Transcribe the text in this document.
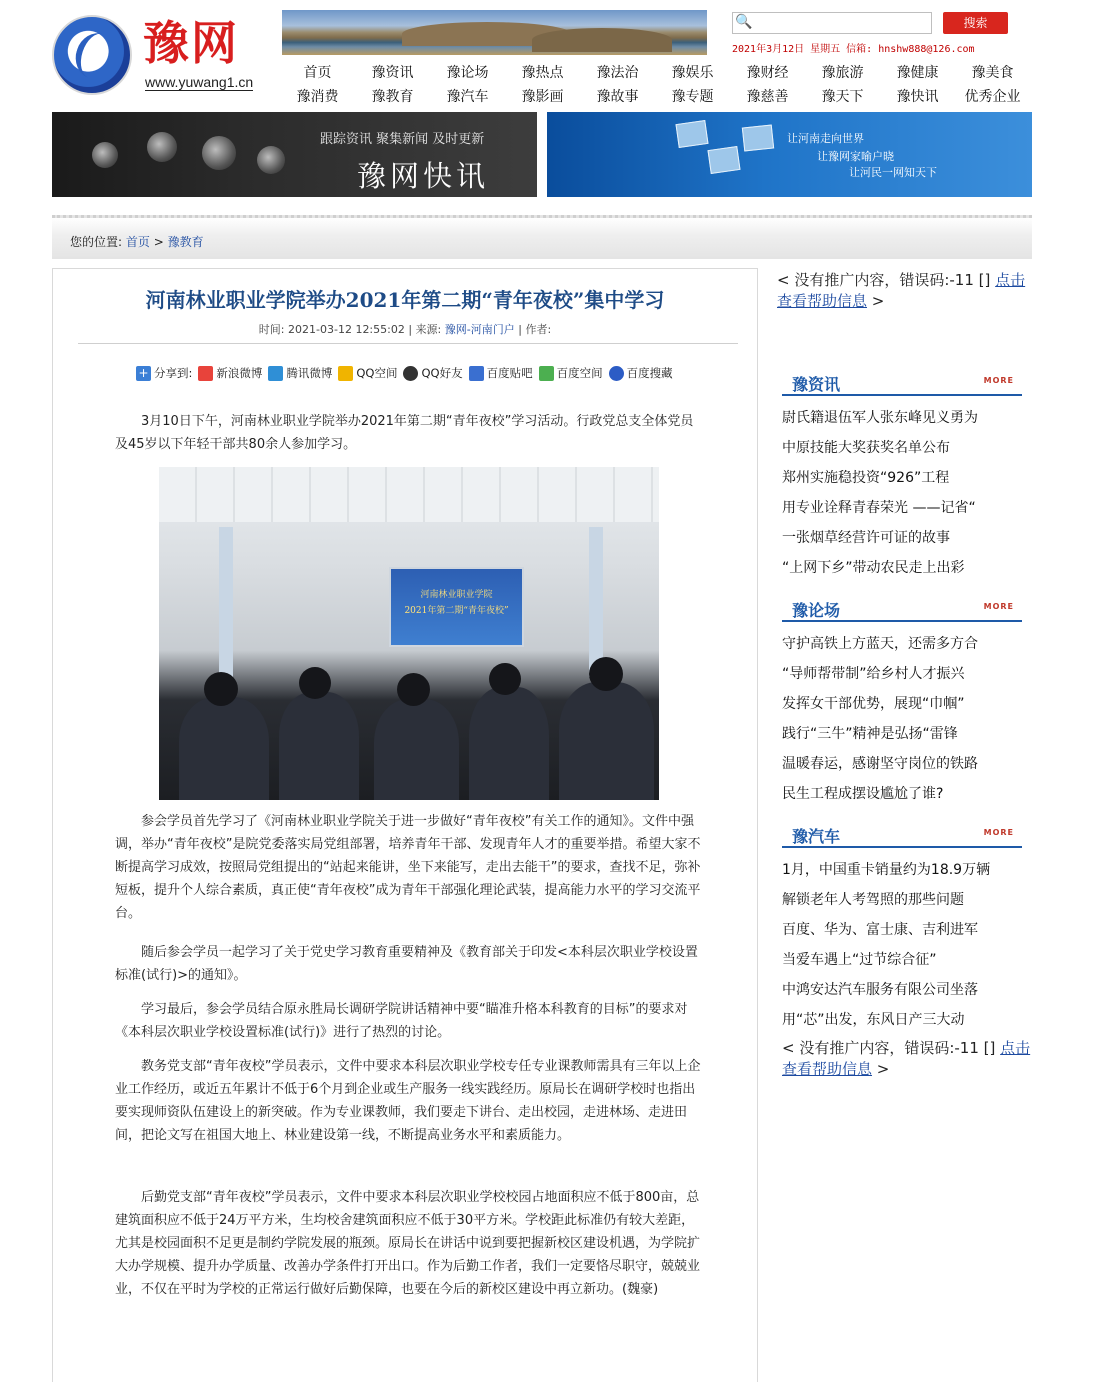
豫网
www.yuwang1.cn
🔍	搜索
2021年3月12日 星期五 信箱: hnshw888@126.com
首页	豫资讯	豫论场	豫热点	豫法治	豫娱乐	豫财经	豫旅游	豫健康	豫美食
豫消费	豫教育	豫汽车	豫影画	豫故事	豫专题	豫慈善	豫天下	豫快讯	优秀企业
跟踪资讯 聚集新闻 及时更新
豫网快讯
让河南走向世界
让豫网家喻户晓
让河民一网知天下
您的位置: 首页 > 豫教育
河南林业职业学院举办2021年第二期“青年夜校”集中学习
时间: 2021-03-12 12:55:02 | 来源: 豫网-河南门户 | 作者:
+ 分享到: 新浪微博 腾讯微博 QQ空间 QQ好友 百度贴吧 百度空间 百度搜藏

3月10日下午，河南林业职业学院举办2021年第二期“青年夜校”学习活动。行政党总支全体党员及45岁以下年轻干部共80余人参加学习。

河南林业职业学院
2021年第二期“青年夜校”

参会学员首先学习了《河南林业职业学院关于进一步做好“青年夜校”有关工作的通知》。文件中强调，举办“青年夜校”是院党委落实局党组部署，培养青年干部、发现青年人才的重要举措。希望大家不断提高学习成效，按照局党组提出的“站起来能讲，坐下来能写，走出去能干”的要求，查找不足，弥补短板，提升个人综合素质，真正使“青年夜校”成为青年干部强化理论武装，提高能力水平的学习交流平台。

随后参会学员一起学习了关于党史学习教育重要精神及《教育部关于印发<本科层次职业学校设置标准(试行)>的通知》。

学习最后，参会学员结合原永胜局长调研学院讲话精神中要“瞄准升格本科教育的目标”的要求对《本科层次职业学校设置标准(试行)》进行了热烈的讨论。

教务党支部“青年夜校”学员表示，文件中要求本科层次职业学校专任专业课教师需具有三年以上企业工作经历，或近五年累计不低于6个月到企业或生产服务一线实践经历。原局长在调研学校时也指出要实现师资队伍建设上的新突破。作为专业课教师，我们要走下讲台、走出校园，走进林场、走进田间，把论文写在祖国大地上、林业建设第一线，不断提高业务水平和素质能力。

后勤党支部“青年夜校”学员表示，文件中要求本科层次职业学校校园占地面积应不低于800亩，总建筑面积应不低于24万平方米，生均校舍建筑面积应不低于30平方米。学校距此标准仍有较大差距，尤其是校园面积不足更是制约学院发展的瓶颈。原局长在讲话中说到要把握新校区建设机遇，为学院扩大办学规模、提升办学质量、改善办学条件打开出口。作为后勤工作者，我们一定要恪尽职守，兢兢业业，不仅在平时为学校的正常运行做好后勤保障，也要在今后的新校区建设中再立新功。(魏豪)

< 没有推广内容，错误码:-11 [] 点击查看帮助信息 >
豫资讯	MORE
尉氏籍退伍军人张东峰见义勇为
中原技能大奖获奖名单公布
郑州实施稳投资“926”工程
用专业诠释青春荣光 ——记省“
一张烟草经营许可证的故事
“上网下乡”带动农民走上出彩
豫论场	MORE
守护高铁上方蓝天，还需多方合
“导师帮带制”给乡村人才振兴
发挥女干部优势，展现“巾帼”
践行“三牛”精神是弘扬“雷锋
温暖春运，感谢坚守岗位的铁路
民生工程成摆设尴尬了谁?
豫汽车	MORE
1月，中国重卡销量约为18.9万辆
解锁老年人考驾照的那些问题
百度、华为、富士康、吉利进军
当爱车遇上“过节综合征”
中鸿安达汽车服务有限公司坐落
用“芯”出发，东风日产三大动
< 没有推广内容，错误码:-11 [] 点击查看帮助信息 >
